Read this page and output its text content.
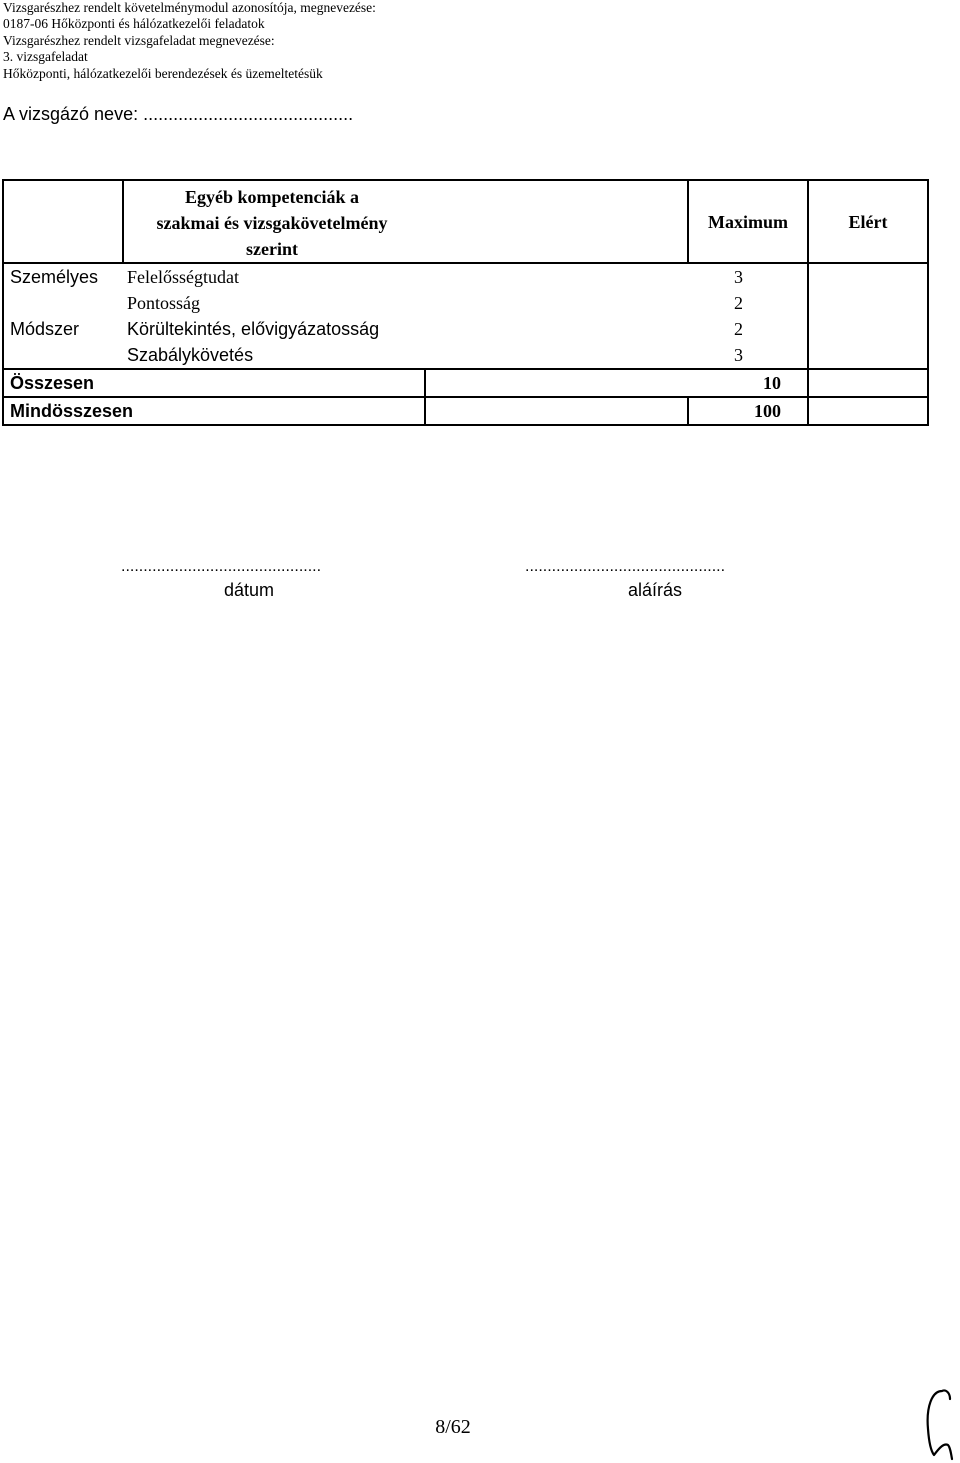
Vizsgarészhez rendelt követelménymodul azonosítója, megnevezése:
0187-06 Hőközponti és hálózatkezelői feladatok
Vizsgarészhez rendelt vizsgafeladat megnevezése:
3. vizsgafeladat
Hőközponti, hálózatkezelői berendezések és üzemeltetésük
A vizsgázó neve: ..........................................

	Egyéb kompetenciák a
szakmai és vizsgakövetelmény
szerint		Maximum	Elért
Személyes	Felelősségtudat		3	
	Pontosság		2	
Módszer	Körültekintés, elővigyázatosság		2	
	Szabálykövetés		3	
Összesen		10		
Mindösszesen			100	
.............................................
dátum
.............................................
aláírás
8/62
